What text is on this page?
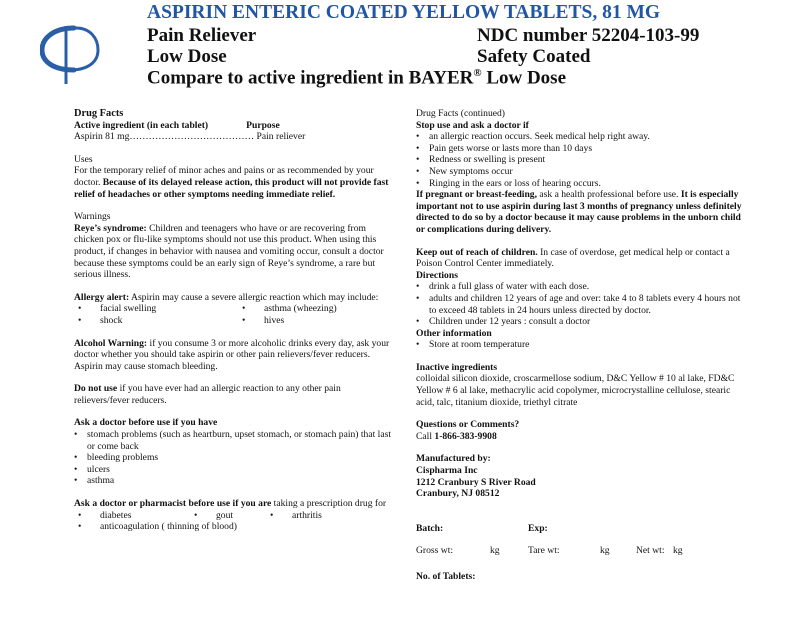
ASPIRIN ENTERIC COATED YELLOW TABLETS, 81 MG
Pain Reliever	NDC number 52204-103-99
Low Dose	Safety Coated
Compare to active ingredient in BAYER® Low Dose

Drug Facts

Active ingredient (in each tablet)	Purpose

Aspirin 81 mg………………………………… Pain reliever

Uses

For the temporary relief of minor aches and pains or as recommended by your doctor. Because of its delayed release action, this product will not provide fast relief of headaches or other symptoms needing immediate relief.

Warnings

Reye’s syndrome: Children and teenagers who have or are recovering from chicken pox or flu-like symptoms should not use this product. When using this product, if changes in behavior with nausea and vomiting occur, consult a doctor because these symptoms could be an early sign of Reye’s syndrome, a rare but serious illness.

Allergy alert: Aspirin may cause a severe allergic reaction which may include:

• facial swelling	• asthma (wheezing)
• shock	• hives

Alcohol Warning: if you consume 3 or more alcoholic drinks every day, ask your doctor whether you should take aspirin or other pain relievers/fever reducers. Aspirin may cause stomach bleeding.

Do not use if you have ever had an allergic reaction to any other pain relievers/fever reducers.

Ask a doctor before use if you have

• stomach problems (such as heartburn, upset stomach, or stomach pain) that last or come back
• bleeding problems
• ulcers
• asthma

Ask a doctor or pharmacist before use if you are taking a prescription drug for

• diabetes	• gout	• arthritis
• anticoagulation ( thinning of blood)

Drug Facts (continued)

Stop use and ask a doctor if

• an allergic reaction occurs. Seek medical help right away.
• Pain gets worse or lasts more than 10 days
• Redness or swelling is present
• New symptoms occur
• Ringing in the ears or loss of hearing occurs.

If pregnant or breast-feeding, ask a health professional before use. It is especially important not to use aspirin during last 3 months of pregnancy unless definitely directed to do so by a doctor because it may cause problems in the unborn child or complications during delivery.

Keep out of reach of children. In case of overdose, get medical help or contact a Poison Control Center immediately.

Directions

• drink a full glass of water with each dose.
• adults and children 12 years of age and over: take 4 to 8 tablets every 4 hours not to exceed 48 tablets in 24 hours unless directed by doctor.
• Children under 12 years : consult a doctor

Other information

• Store at room temperature

Inactive ingredients

colloidal silicon dioxide, croscarmellose sodium, D&C Yellow # 10 al lake, FD&C Yellow # 6 al lake, methacrylic acid copolymer, microcrystalline cellulose, stearic acid, talc, titanium dioxide, triethyl citrate

Questions or Comments?

Call 1-866-383-9908

Manufactured by:

Cispharma Inc

1212 Cranbury S River Road

Cranbury, NJ 08512

Batch:	Exp:
Gross wt:	kg	Tare wt:	kg	Net wt: kg
No. of Tablets:
